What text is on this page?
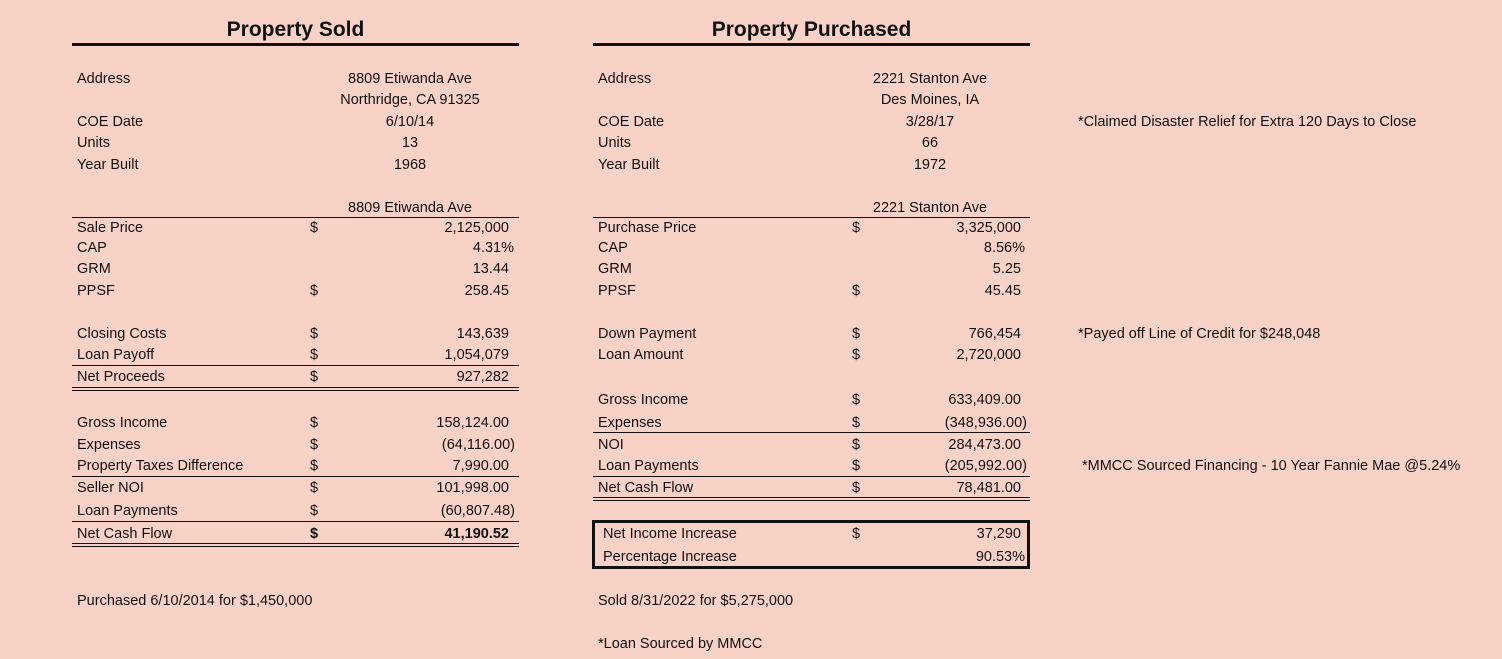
Property Sold
Address	8809 Etiwanda Ave
Northridge, CA 91325
COE Date	6/10/14
Units	13
Year Built	1968
8809 Etiwanda Ave
Sale Price	$	2,125,000
CAP	4.31%
GRM	13.44
PPSF	$	258.45
Closing Costs	$	143,639
Loan Payoff	$	1,054,079
Net Proceeds	$	927,282
Gross Income	$	158,124.00
Expenses	$	(64,116.00)
Property Taxes Difference	$	7,990.00
Seller NOI	$	101,998.00
Loan Payments	$	(60,807.48)
Net Cash Flow	$	41,190.52
Purchased 6/10/2014 for $1,450,000
Property Purchased
Address	2221 Stanton Ave
Des Moines, IA
COE Date	3/28/17
Units	66
Year Built	1972
2221 Stanton Ave
Purchase Price	$	3,325,000
CAP	8.56%
GRM	5.25
PPSF	$	45.45
Down Payment	$	766,454
Loan Amount	$	2,720,000
Gross Income	$	633,409.00
Expenses	$	(348,936.00)
NOI	$	284,473.00
Loan Payments	$	(205,992.00)
Net Cash Flow	$	78,481.00
Net Income Increase	$	37,290
Percentage Increase	90.53%
Sold 8/31/2022 for $5,275,000
*Loan Sourced by MMCC
*Claimed Disaster Relief for Extra 120 Days to Close
*Payed off Line of Credit for $248,048
*MMCC Sourced Financing - 10 Year Fannie Mae @5.24%
